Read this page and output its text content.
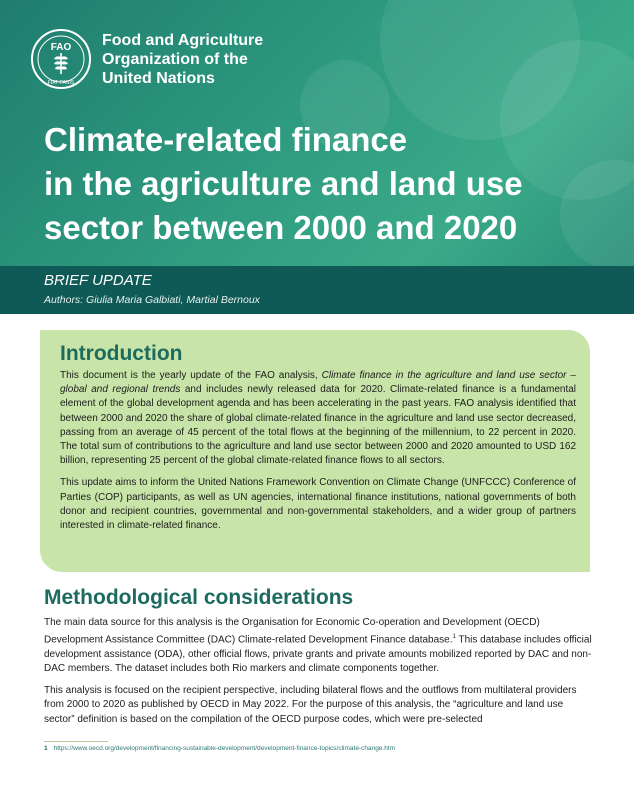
FAO
FIAT PANIS
Food and Agriculture
Organization of the
United Nations
Climate-related finance
in the agriculture and land use
sector between 2000 and 2020
BRIEF UPDATE
Authors: Giulia Maria Galbiati, Martial Bernoux
Introduction

This document is the yearly update of the FAO analysis, Climate finance in the agriculture and land use sector – global and regional trends and includes newly released data for 2020. Climate-related finance is a fundamental element of the global development agenda and has been accelerating in the past years. FAO analysis identified that between 2000 and 2020 the share of global climate-related finance in the agriculture and land use sector decreased, passing from an average of 45 percent of the total flows at the beginning of the millennium, to 22 percent in 2020. The total sum of contributions to the agriculture and land use sector between 2000 and 2020 amounted to USD 162 billion, representing 25 percent of the global climate-related finance flows to all sectors.

This update aims to inform the United Nations Framework Convention on Climate Change (UNFCCC) Conference of Parties (COP) participants, as well as UN agencies, international finance institutions, national governments of both donor and recipient countries, governmental and non-governmental stakeholders, and a wider group of partners interested in climate-related finance.

Methodological considerations

The main data source for this analysis is the Organisation for Economic Co-operation and Development (OECD) Development Assistance Committee (DAC) Climate-related Development Finance database.$^1$ This database includes official development assistance (ODA), other official flows, private grants and private amounts mobilized reported by DAC and non-DAC members. The dataset includes both Rio markers and climate components together.

This analysis is focused on the recipient perspective, including bilateral flows and the outflows from multilateral providers from 2000 to 2020 as published by OECD in May 2022. For the purpose of this analysis, the “agriculture and land use sector” definition is based on the compilation of the OECD purpose codes, which were pre-selected

1 https://www.oecd.org/development/financing-sustainable-development/development-finance-topics/climate-change.htm
